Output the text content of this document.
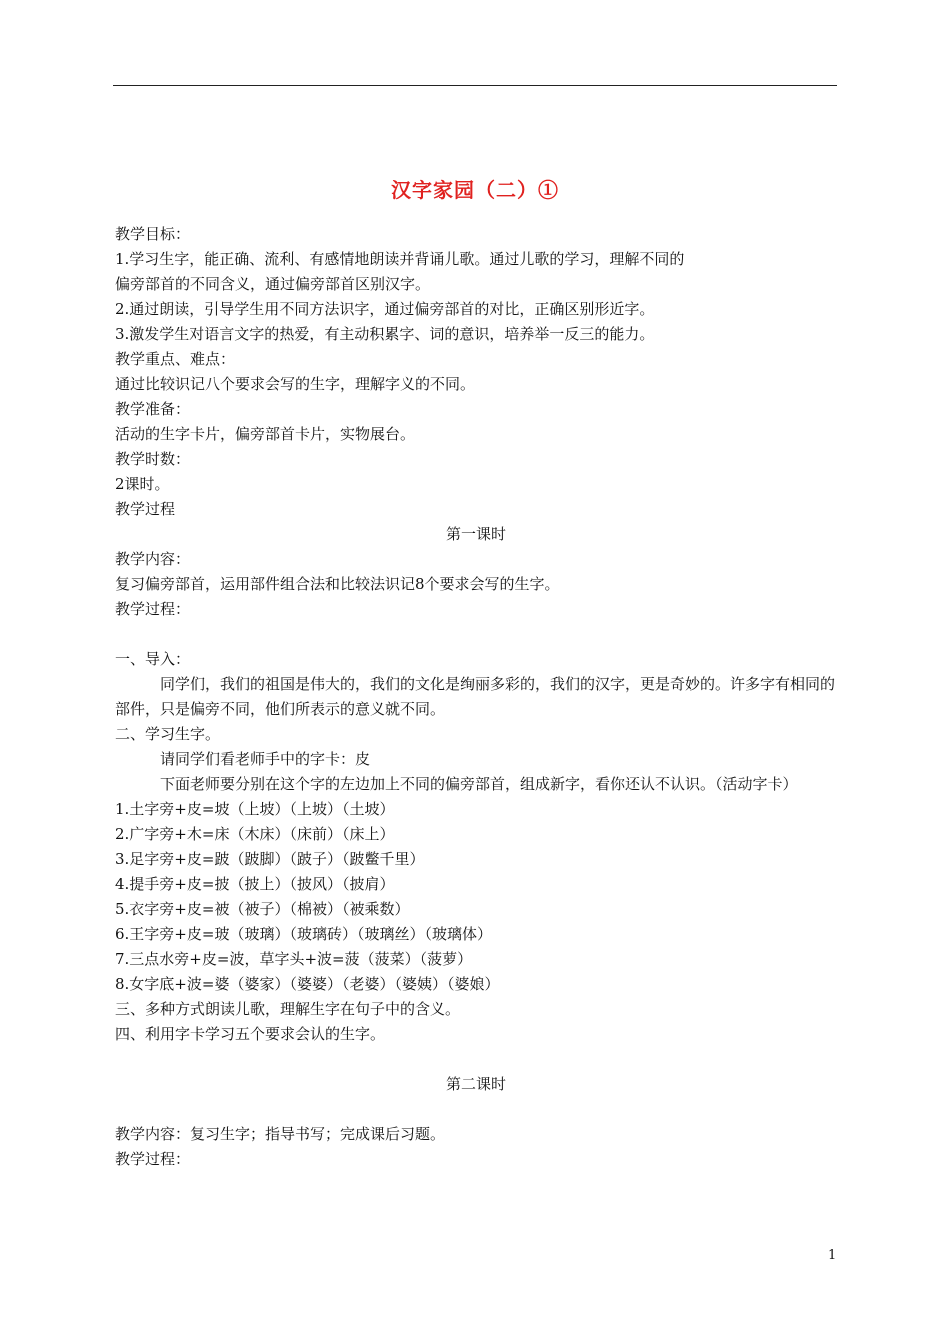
汉字家园（二）①

教学目标：

1.学习生字，能正确、流利、有感情地朗读并背诵儿歌。通过儿歌的学习，理解不同的

偏旁部首的不同含义，通过偏旁部首区别汉字。

2.通过朗读，引导学生用不同方法识字，通过偏旁部首的对比，正确区别形近字。

3.激发学生对语言文字的热爱，有主动积累字、词的意识，培养举一反三的能力。

教学重点、难点：

通过比较识记八个要求会写的生字，理解字义的不同。

教学准备：

活动的生字卡片，偏旁部首卡片，实物展台。

教学时数：

2课时。

教学过程

第一课时

教学内容：

复习偏旁部首，运用部件组合法和比较法识记8个要求会写的生字。

教学过程：

一、导入：

同学们，我们的祖国是伟大的，我们的文化是绚丽多彩的，我们的汉字，更是奇妙的。许多字有相同的部件，只是偏旁不同，他们所表示的意义就不同。

二、学习生字。

请同学们看老师手中的字卡：皮

下面老师要分别在这个字的左边加上不同的偏旁部首，组成新字，看你还认不认识。（活动字卡）

1.土字旁+皮=坡（上坡）（上坡）（土坡）

2.广字旁+木=床（木床）（床前）（床上）

3.足字旁+皮=跛（跛脚）（跛子）（跛鳖千里）

4.提手旁+皮=披（披上）（披风）（披肩）

5.衣字旁+皮=被（被子）（棉被）（被乘数）

6.王字旁+皮=玻（玻璃）（玻璃砖）（玻璃丝）（玻璃体）

7.三点水旁+皮=波，草字头+波=菠（菠菜）（菠萝）

8.女字底+波=婆（婆家）（婆婆）（老婆）（婆姨）（婆娘）

三、多种方式朗读儿歌，理解生字在句子中的含义。

四、利用字卡学习五个要求会认的生字。

第二课时

教学内容：复习生字；指导书写；完成课后习题。

教学过程：

1
